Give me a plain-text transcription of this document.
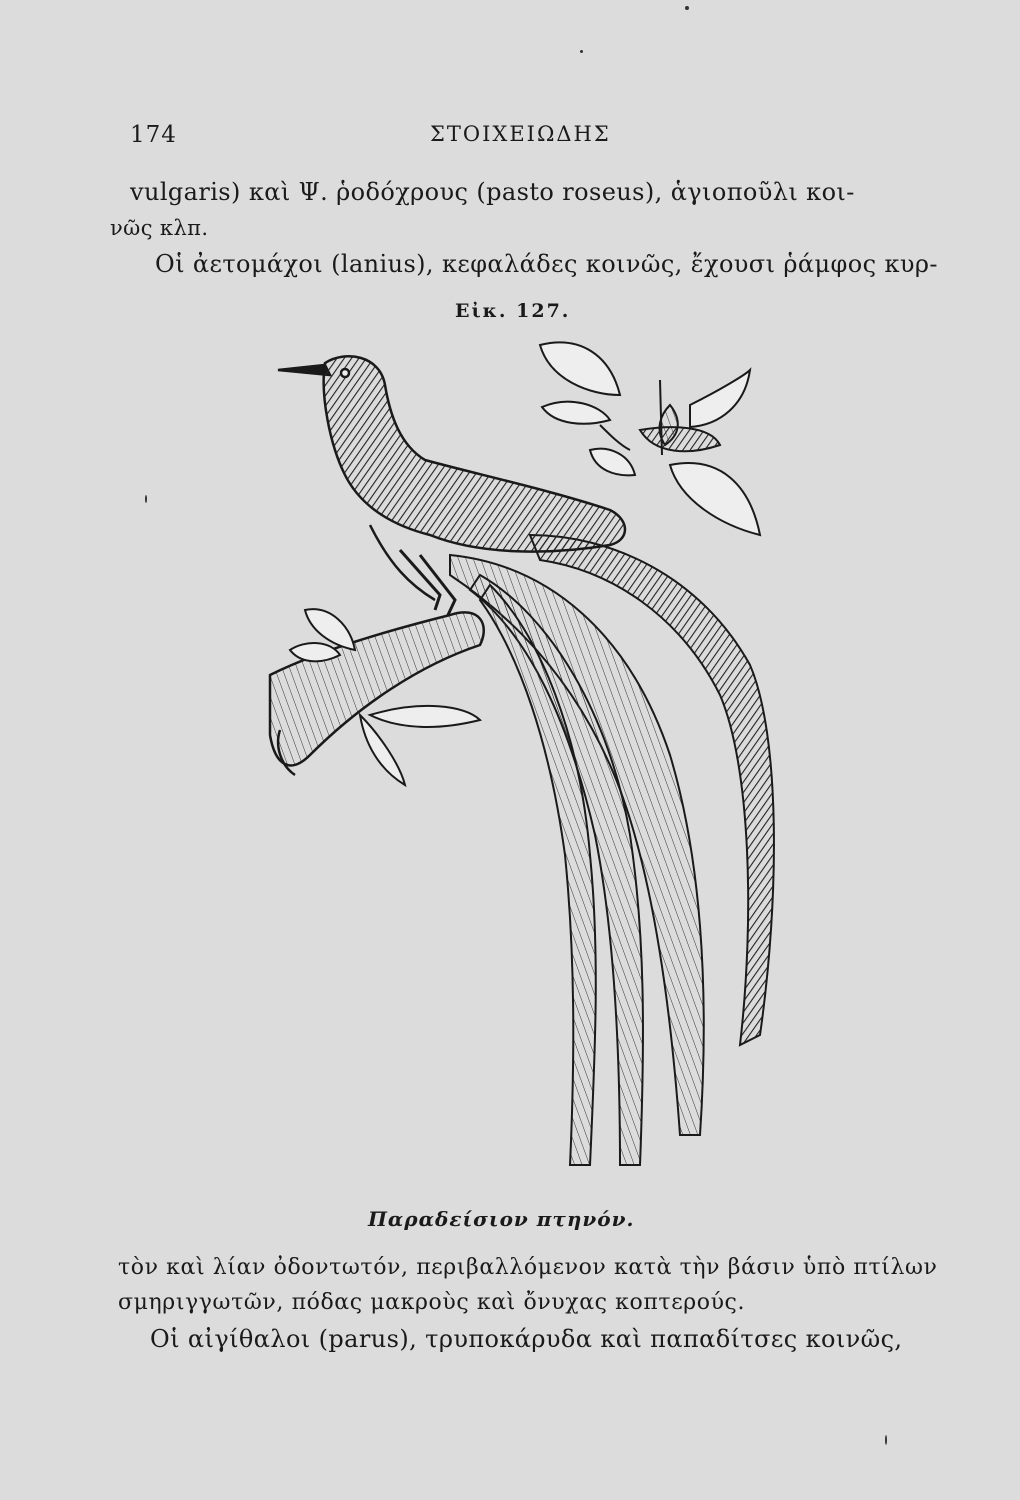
174	ΣΤΟΙΧΕΙΩΔΗΣ
vulgaris) καὶ Ψ. ῥοδόχρους (pasto roseus), ἁγιοποῦλι κοι-
νῶς κλπ.
Οἱ ἀετομάχοι (lanius), κεφαλάδες κοινῶς, ἔχουσι ῥάμφος κυρ-
Εἰκ. 127.
Παραδείσιον πτηνόν.
τὸν καὶ λίαν ὀδοντωτόν, περιβαλλόμενον κατὰ τὴν βάσιν ὑπὸ πτίλων
σμηριγγωτῶν, πόδας μακροὺς καὶ ὄνυχας κοπτερούς.
Οἱ αἰγίθαλοι (parus), τρυποκάρυδα καὶ παπαδίτσες κοινῶς,
